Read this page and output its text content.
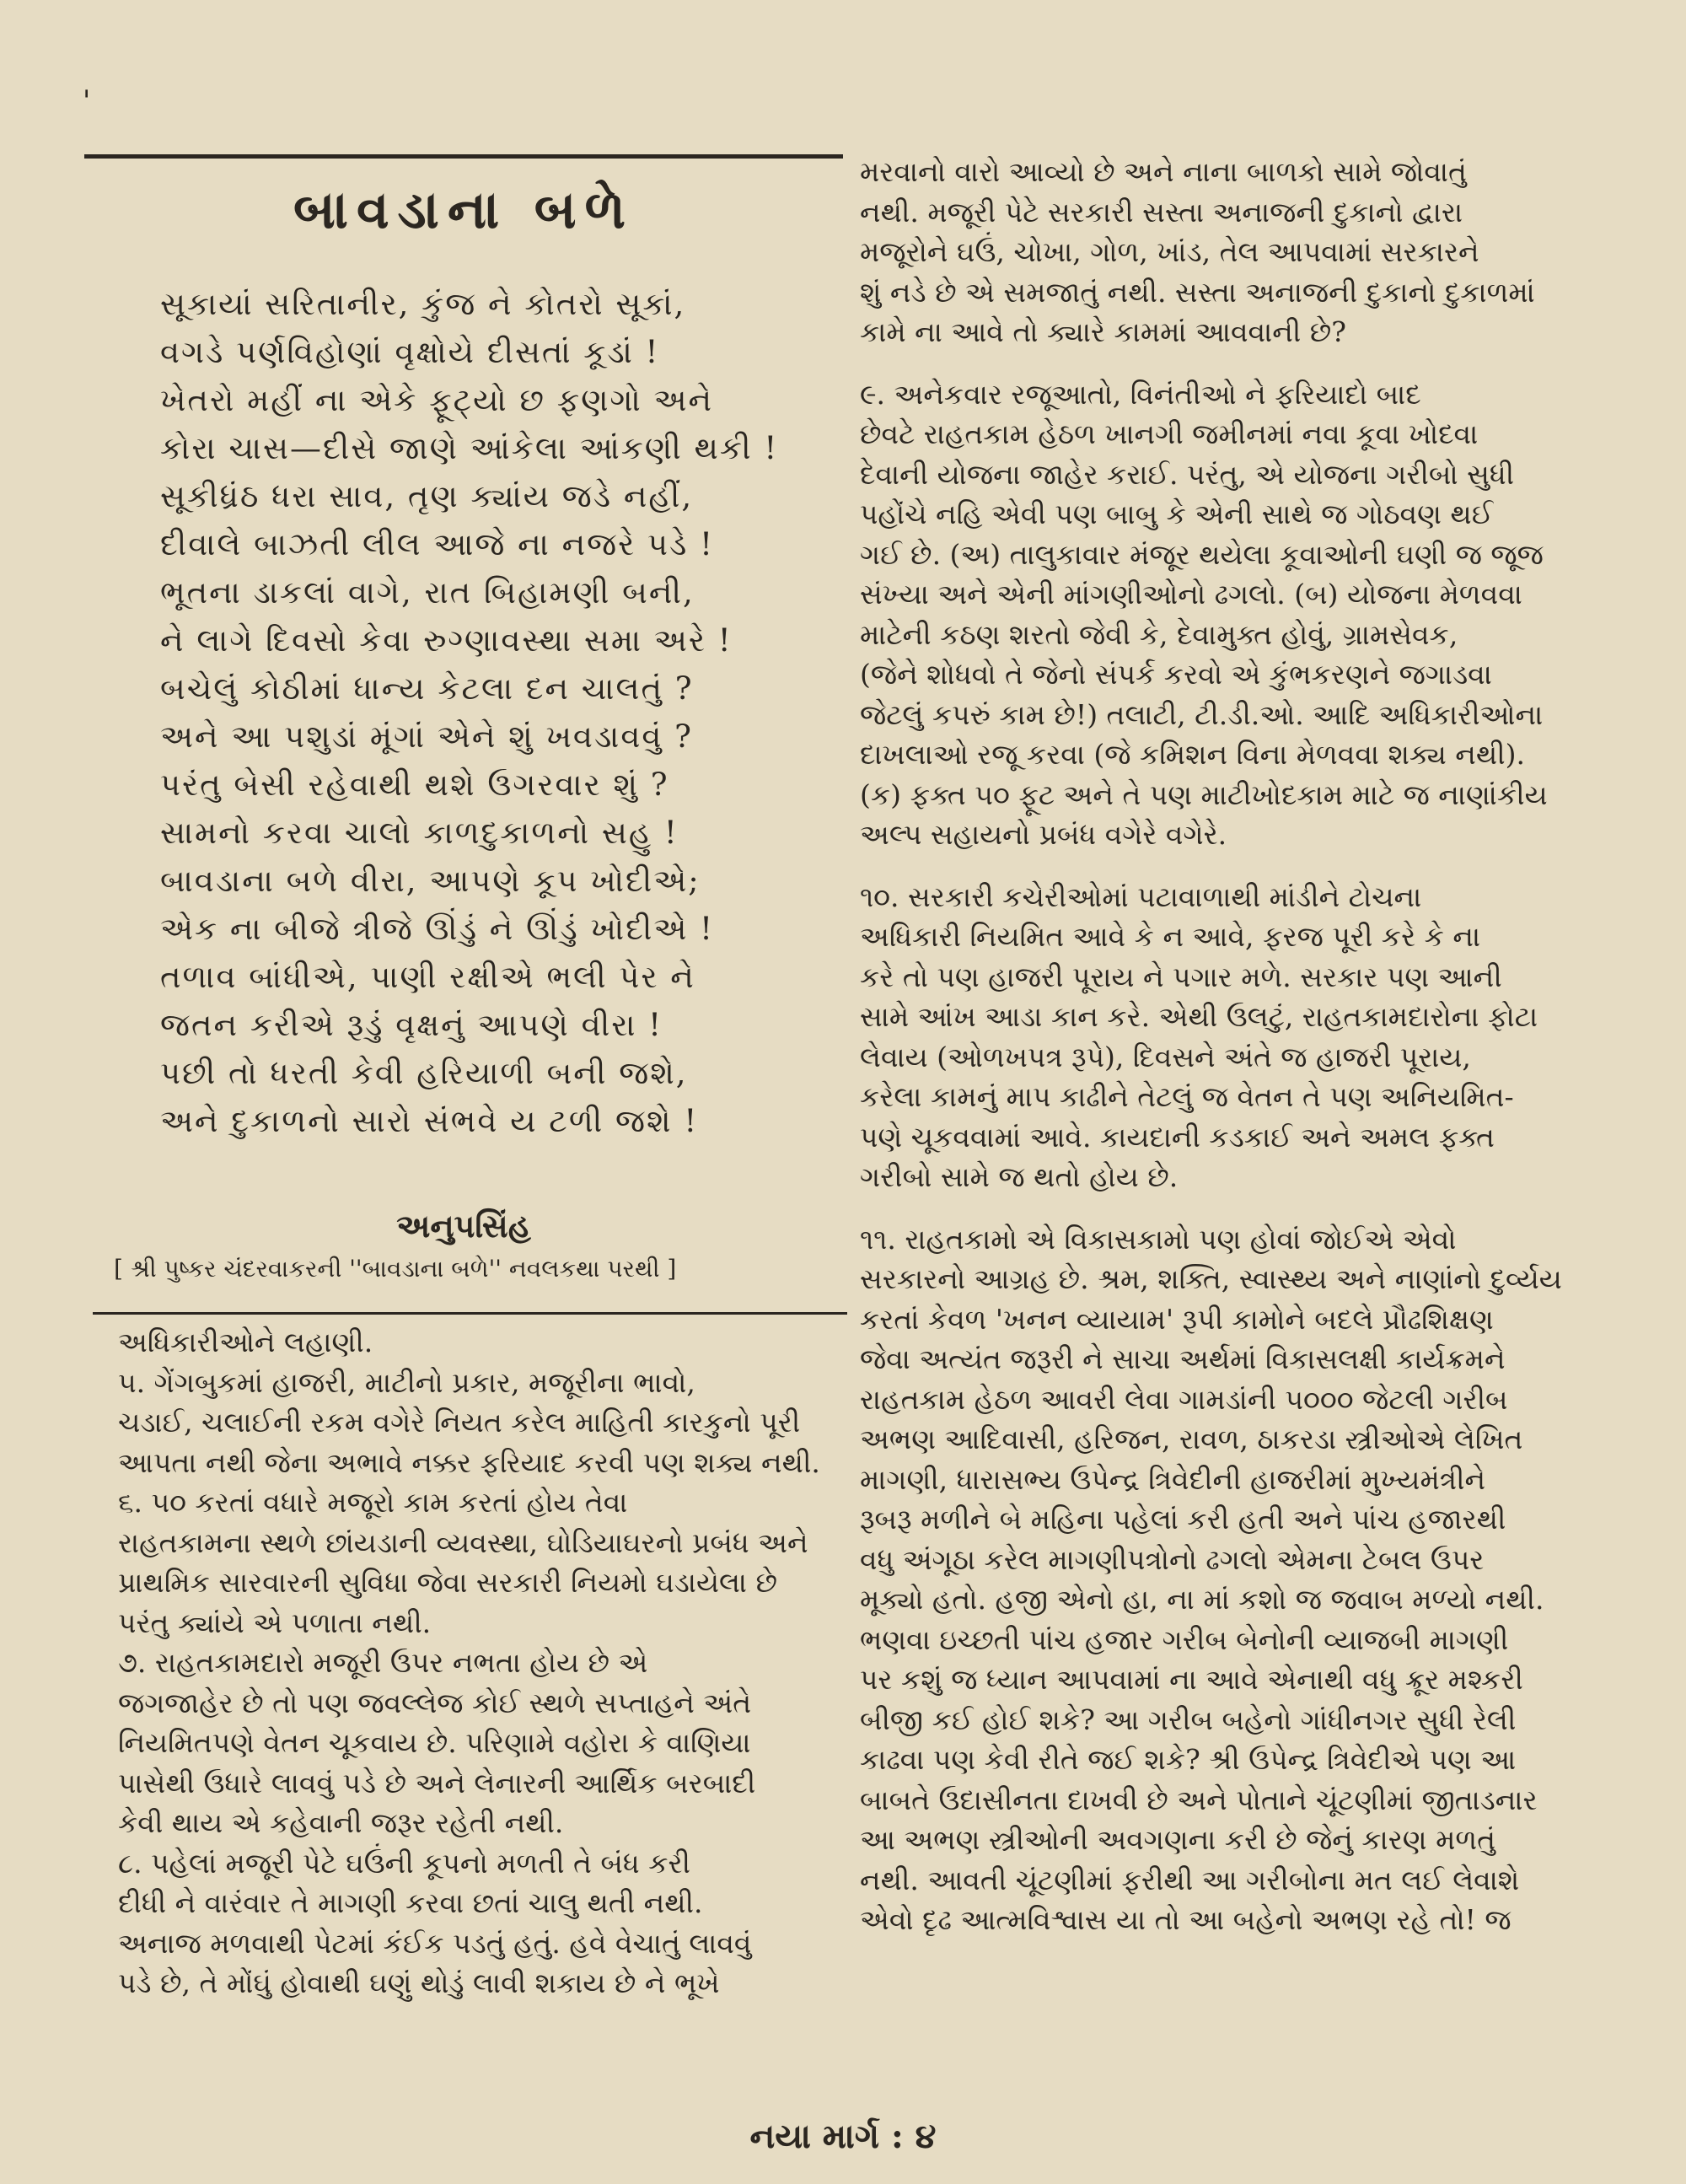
'
બાવડાના બળે
સૂકાયાં સરિતાનીર, કુંજ ને કોતરો સૂકાં,
વગડે પર્ણવિહોણાં વૃક્ષોયે દીસતાં કૂડાં !
ખેતરો મહીં ના એકે ફૂટ્યો છ ફણગો અને
કોરા ચાસ—દીસે જાણે આંકેલા આંકણી થકી !
સૂકીધ્રંઠ ધરા સાવ, તૃણ ક્યાંય જડે નહીં,
દીવાલે બાઝતી લીલ આજે ના નજરે પડે !
ભૂતના ડાકલાં વાગે, રાત બિહામણી બની,
ને લાગે દિવસો કેવા રુગ્ણાવસ્થા સમા અરે !
બચેલું કોઠીમાં ધાન્ય કેટલા દન ચાલતું ?
અને આ પશુડાં મૂંગાં એને શું ખવડાવવું ?
પરંતુ બેસી રહેવાથી થશે ઉગરવાર શું ?
સામનો કરવા ચાલો કાળદુકાળનો સહુ !
બાવડાના બળે વીરા, આપણે કૂપ ખોદીએ;
એક ના બીજે ત્રીજે ઊંડું ને ઊંડું ખોદીએ !
તળાવ બાંધીએ, પાણી રક્ષીએ ભલી પેર ને
જતન કરીએ રૂડું વૃક્ષનું આપણે વીરા !
પછી તો ધરતી કેવી હરિયાળી બની જશે,
અને દુકાળનો સારો સંભવે ય ટળી જશે !
અનુપસિંહ
[ શ્રી પુષ્કર ચંદરવાકરની ''બાવડાના બળે'' નવલકથા પરથી ]

અધિકારીઓને લહાણી.

૫. ગેંગબુકમાં હાજરી, માટીનો પ્રકાર, મજૂરીના ભાવો,
ચડાઈ, ચલાઈની રકમ વગેરે નિયત કરેલ માહિતી કારકુનો પૂરી
આપતા નથી જેના અભાવે નક્કર ફરિયાદ કરવી પણ શક્ય નથી.

૬. ૫૦ કરતાં વધારે મજૂરો કામ કરતાં હોય તેવા
રાહતકામના સ્થળે છાંયડાની વ્યવસ્થા, ઘોડિયાઘરનો પ્રબંધ અને
પ્રાથમિક સારવારની સુવિધા જેવા સરકારી નિયમો ઘડાયેલા છે
પરંતુ ક્યાંયે એ પળાતા નથી.

૭. રાહતકામદારો મજૂરી ઉપર નભતા હોય છે એ
જગજાહેર છે તો પણ જવલ્લેજ કોઈ સ્થળે સપ્તાહને અંતે
નિયમિતપણે વેતન ચૂકવાય છે. પરિણામે વહોરા કે વાણિયા
પાસેથી ઉધારે લાવવું પડે છે અને લેનારની આર્થિક બરબાદી
કેવી થાય એ કહેવાની જરૂર રહેતી નથી.

૮. પહેલાં મજૂરી પેટે ઘઉંની કૂપનો મળતી તે બંધ કરી
દીધી ને વારંવાર તે માગણી કરવા છતાં ચાલુ થતી નથી.
અનાજ મળવાથી પેટમાં કંઈક પડતું હતું. હવે વેચાતું લાવવું
પડે છે, તે મોંઘું હોવાથી ઘણું થોડું લાવી શકાય છે ને ભૂખે

મરવાનો વારો આવ્યો છે અને નાના બાળકો સામે જોવાતું
નથી. મજૂરી પેટે સરકારી સસ્તા અનાજની દુકાનો દ્વારા
મજૂરોને ઘઉં, ચોખા, ગોળ, ખાંડ, તેલ આપવામાં સરકારને
શું નડે છે એ સમજાતું નથી. સસ્તા અનાજની દુકાનો દુકાળમાં
કામે ના આવે તો ક્યારે કામમાં આવવાની છે?

૯. અનેકવાર રજૂઆતો, વિનંતીઓ ને ફરિયાદો બાદ
છેવટે રાહતકામ હેઠળ ખાનગી જમીનમાં નવા કૂવા ખોદવા
દેવાની યોજના જાહેર કરાઈ. પરંતુ, એ યોજના ગરીબો સુધી
પહોંચે નહિ એવી પણ બાબુ કે એની સાથે જ ગોઠવણ થઈ
ગઈ છે. (અ) તાલુકાવાર મંજૂર થયેલા કૂવાઓની ઘણી જ જૂજ
સંખ્યા અને એની માંગણીઓનો ઢગલો. (બ) યોજના મેળવવા
માટેની કઠણ શરતો જેવી કે, દેવામુક્ત હોવું, ગ્રામસેવક,
(જેને શોધવો તે જેનો સંપર્ક કરવો એ કુંભકરણને જગાડવા
જેટલું કપરું કામ છે!) તલાટી, ટી.ડી.ઓ. આદિ અધિકારીઓના
દાખલાઓ રજૂ કરવા (જે કમિશન વિના મેળવવા શક્ય નથી).
(ક) ફક્ત ૫૦ ફૂટ અને તે પણ માટીખોદકામ માટે જ નાણાંકીય
અલ્પ સહાયનો પ્રબંધ વગેરે વગેરે.

૧૦. સરકારી કચેરીઓમાં પટાવાળાથી માંડીને ટોચના
અધિકારી નિયમિત આવે કે ન આવે, ફરજ પૂરી કરે કે ના
કરે તો પણ હાજરી પૂરાય ને પગાર મળે. સરકાર પણ આની
સામે આંખ આડા કાન કરે. એથી ઉલટું, રાહતકામદારોના ફોટા
લેવાય (ઓળખપત્ર રૂપે), દિવસને અંતે જ હાજરી પૂરાય,
કરેલા કામનું માપ કાઢીને તેટલું જ વેતન તે પણ અનિયમિત-
પણે ચૂકવવામાં આવે. કાયદાની કડકાઈ અને અમલ ફક્ત
ગરીબો સામે જ થતો હોય છે.

૧૧. રાહતકામો એ વિકાસકામો પણ હોવાં જોઈએ એવો
સરકારનો આગ્રહ છે. શ્રમ, શક્તિ, સ્વાસ્થ્ય અને નાણાંનો દુર્વ્યય
કરતાં કેવળ 'ખનન વ્યાયામ' રૂપી કામોને બદલે પ્રૌઢશિક્ષણ
જેવા અત્યંત જરૂરી ને સાચા અર્થમાં વિકાસલક્ષી કાર્યક્રમને
રાહતકામ હેઠળ આવરી લેવા ગામડાંની ૫૦૦૦ જેટલી ગરીબ
અભણ આદિવાસી, હરિજન, રાવળ, ઠાકરડા સ્ત્રીઓએ લેખિત
માગણી, ધારાસભ્ય ઉપેન્દ્ર ત્રિવેદીની હાજરીમાં મુખ્યમંત્રીને
રૂબરૂ મળીને બે મહિના પહેલાં કરી હતી અને પાંચ હજારથી
વધુ અંગૂઠા કરેલ માગણીપત્રોનો ઢગલો એમના ટેબલ ઉપર
મૂક્યો હતો. હજી એનો હા, ના માં કશો જ જવાબ મળ્યો નથી.
ભણવા ઇચ્છતી પાંચ હજાર ગરીબ બેનોની વ્યાજબી માગણી
પર કશું જ ધ્યાન આપવામાં ના આવે એનાથી વધુ ક્રૂર મશ્કરી
બીજી કઈ હોઈ શકે? આ ગરીબ બહેનો ગાંધીનગર સુધી રેલી
કાઢવા પણ કેવી રીતે જઈ શકે? શ્રી ઉપેન્દ્ર ત્રિવેદીએ પણ આ
બાબતે ઉદાસીનતા દાખવી છે અને પોતાને ચૂંટણીમાં જીતાડનાર
આ અભણ સ્ત્રીઓની અવગણના કરી છે જેનું કારણ મળતું
નથી. આવતી ચૂંટણીમાં ફરીથી આ ગરીબોના મત લઈ લેવાશે
એવો દૃઢ આત્મવિશ્વાસ યા તો આ બહેનો અભણ રહે તો! જ

નયા માર્ગ : ૪
